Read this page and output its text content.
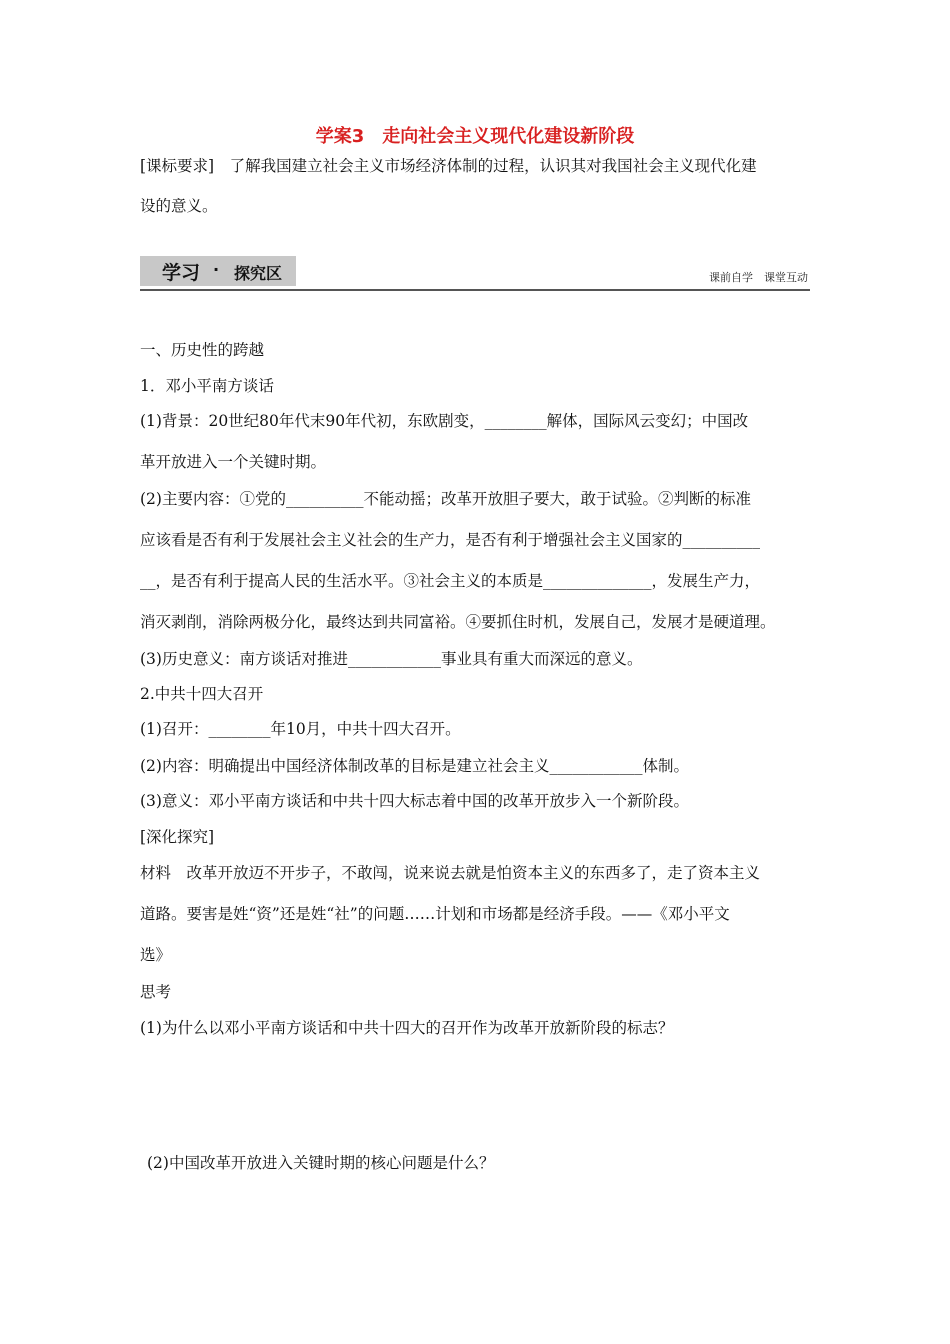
学案3　走向社会主义现代化建设新阶段
[课标要求]　了解我国建立社会主义市场经济体制的过程，认识其对我国社会主义现代化建
设的意义。
学习 · 探究区	课前自学　课堂互动
一、历史性的跨越
1．邓小平南方谈话
(1)背景：20世纪80年代末90年代初，东欧剧变，________解体，国际风云变幻；中国改
革开放进入一个关键时期。
(2)主要内容：①党的__________不能动摇；改革开放胆子要大，敢于试验。②判断的标准
应该看是否有利于发展社会主义社会的生产力，是否有利于增强社会主义国家的__________
__，是否有利于提高人民的生活水平。③社会主义的本质是______________，发展生产力，
消灭剥削，消除两极分化，最终达到共同富裕。④要抓住时机，发展自己，发展才是硬道理。
(3)历史意义：南方谈话对推进____________事业具有重大而深远的意义。
2.中共十四大召开
(1)召开：________年10月，中共十四大召开。
(2)内容：明确提出中国经济体制改革的目标是建立社会主义____________体制。
(3)意义：邓小平南方谈话和中共十四大标志着中国的改革开放步入一个新阶段。
[深化探究]
材料　改革开放迈不开步子，不敢闯，说来说去就是怕资本主义的东西多了，走了资本主义
道路。要害是姓“资”还是姓“社”的问题……计划和市场都是经济手段。——《邓小平文
选》
思考
(1)为什么以邓小平南方谈话和中共十四大的召开作为改革开放新阶段的标志？
(2)中国改革开放进入关键时期的核心问题是什么？
